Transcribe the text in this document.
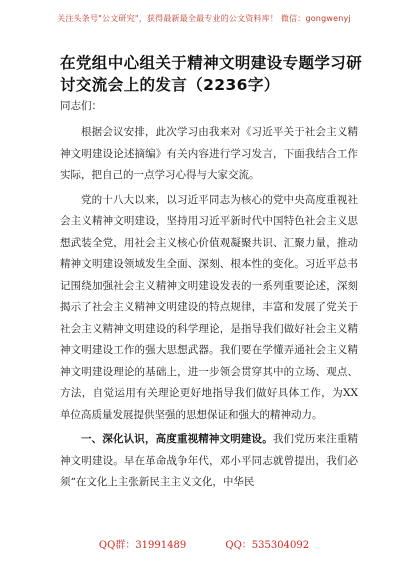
关注头条号"公文研究"，获得最新最全最专业的公文资料库！ 微信：gongwenyj
在党组中心组关于精神文明建设专题学习研讨交流会上的发言（2236字）
同志们：

根据会议安排，此次学习由我来对《习近平关于社会主义精神文明建设论述摘编》有关内容进行学习发言，下面我结合工作实际，把自己的一点学习心得与大家交流。

党的十八大以来，以习近平同志为核心的党中央高度重视社会主义精神文明建设，坚持用习近平新时代中国特色社会主义思想武装全党，用社会主义核心价值观凝聚共识、汇聚力量，推动精神文明建设领域发生全面、深刻、根本性的变化。习近平总书记围绕加强社会主义精神文明建设发表的一系列重要论述，深刻揭示了社会主义精神文明建设的特点规律，丰富和发展了党关于社会主义精神文明建设的科学理论，是指导我们做好社会主义精神文明建设工作的强大思想武器。我们要在学懂弄通社会主义精神文明建设理论的基础上，进一步领会贯穿其中的立场、观点、方法，自觉运用有关理论更好地指导我们做好具体工作，为XX单位高质量发展提供坚强的思想保证和强大的精神动力。

一、深化认识，高度重视精神文明建设。我们党历来注重精神文明建设。早在革命战争年代，邓小平同志就曾提出，我们必须“在文化上主张新民主主义文化，中华民

QQ群：31991489	QQ：535304092
